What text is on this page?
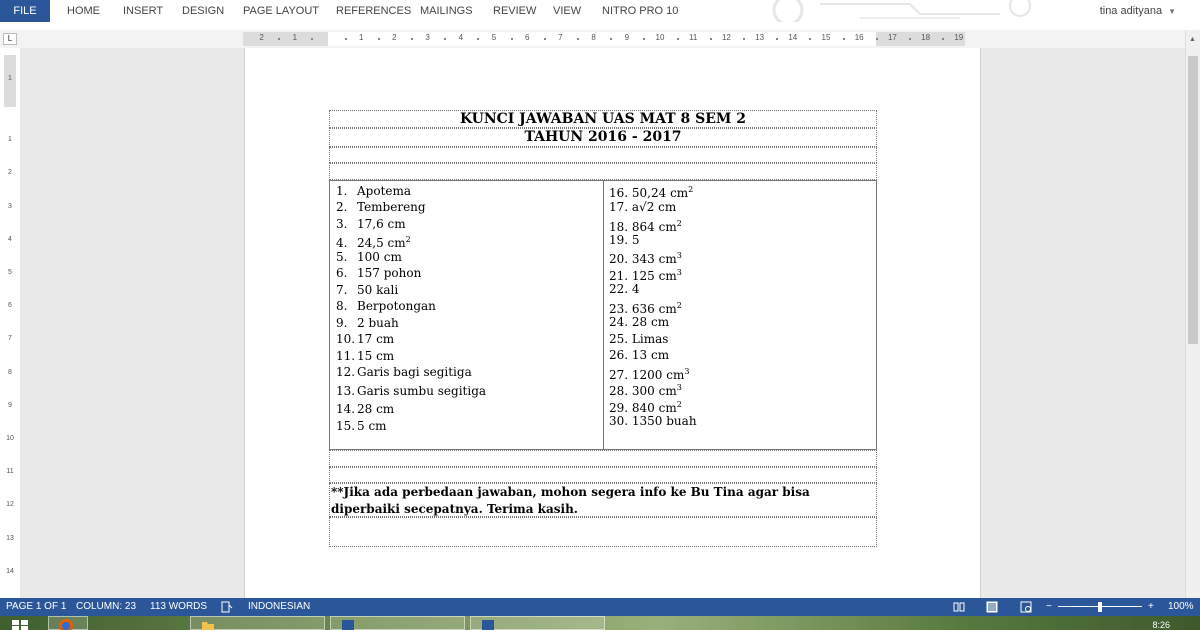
FILE	HOME INSERT DESIGN PAGE LAYOUT REFERENCES MAILINGS REVIEW VIEW NITRO PRO 10	tina adityana ▼
L	2	1	1	2	3	4	5	6	7	8	9	10	11	12	13	14	15	16	17	18	19
1
1
2
3
4
5
6
7
8
9
10
11
12
13
14
▲
KUNCI JAWABAN UAS MAT 8 SEM 2
TAHUN 2016 - 2017
1. Apotema
2. Tembereng
3. 17,6 cm
4. 24,5 $cm^2$
5. 100 cm
6. 157 pohon
7. 50 kali
8. Berpotongan
9. 2 buah
10. 17 cm
11. 15 cm
12. Garis bagi segitiga
13. Garis sumbu segitiga
14. 28 cm
15. 5 cm
16. 50,24 $cm^2$
17. a√2 cm
18. 864 $cm^2$
19. 5
20. 343 $cm^3$
21. 125 $cm^3$
22. 4
23. 636 $cm^2$
24. 28 cm
25. Limas
26. 13 cm
27. 1200 $cm^3$
28. 300 $cm^3$
29. 840 $cm^2$
30. 1350 buah
**Jika ada perbedaan jawaban, mohon segera info ke Bu Tina agar bisa diperbaiki secepatnya. Terima kasih.
PAGE 1 OF 1 COLUMN: 23 113 WORDS	INDONESIAN	−	+ 100%
8:26
